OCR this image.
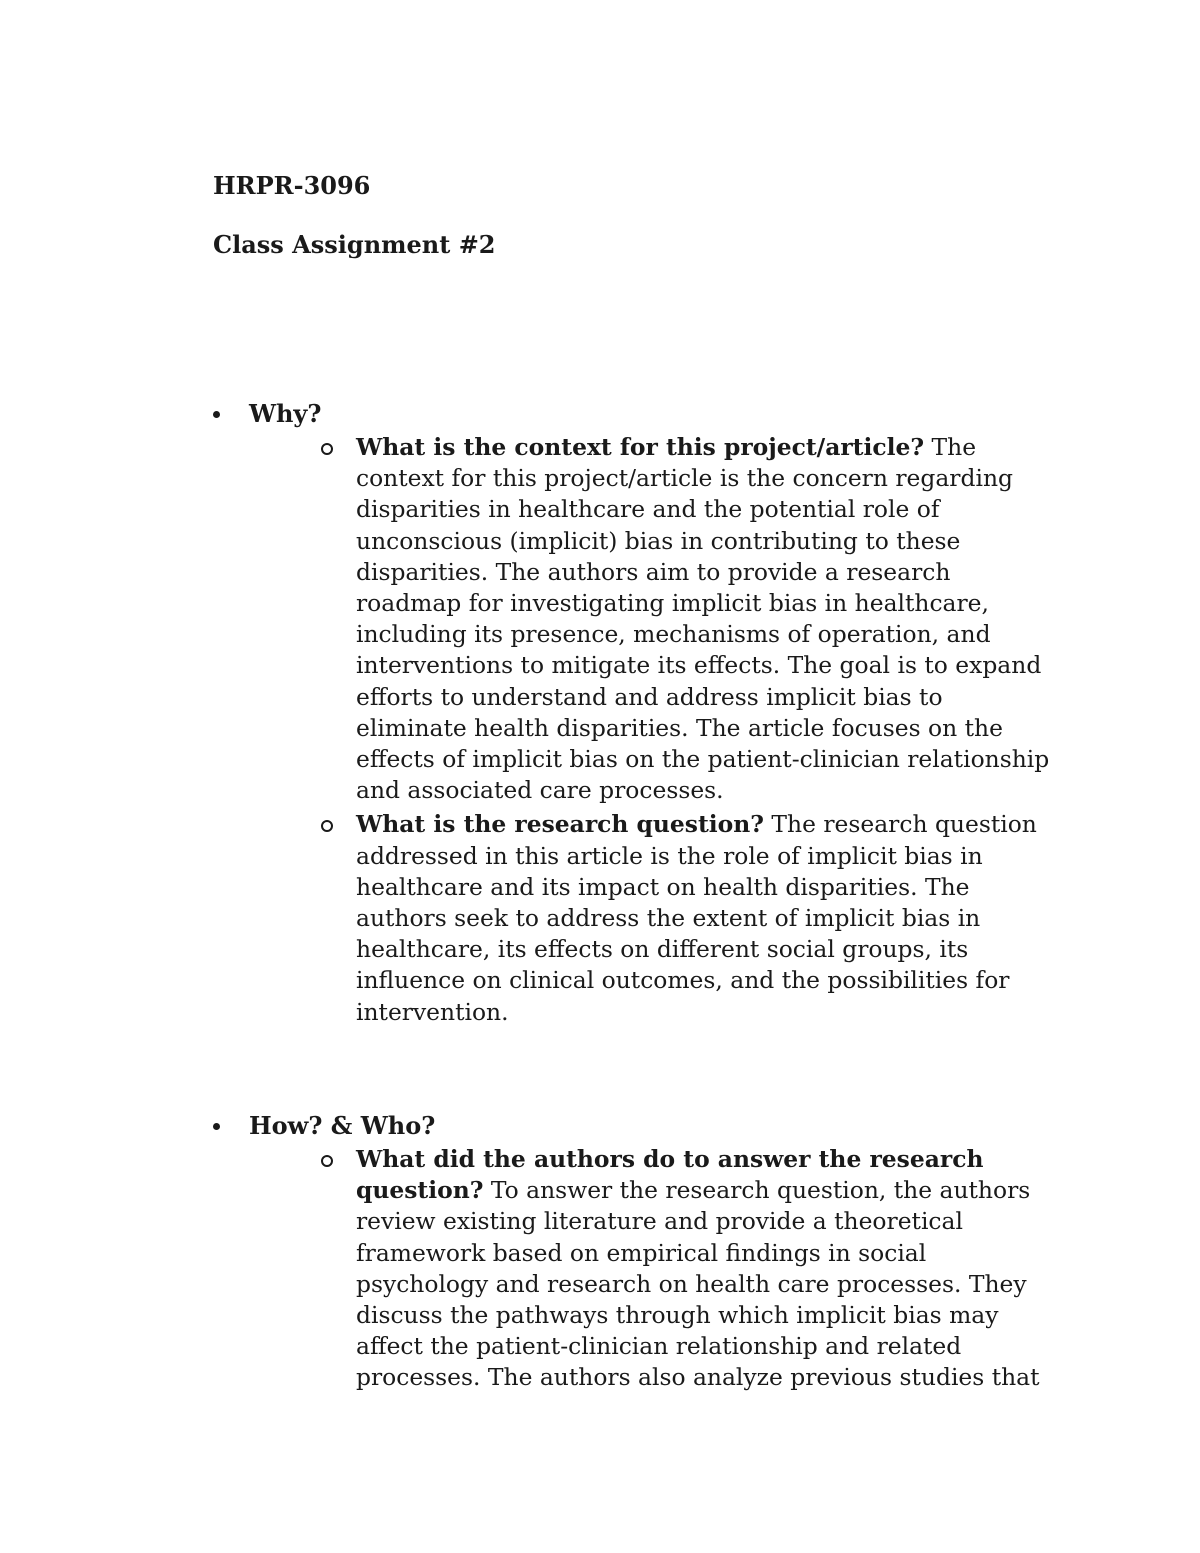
HRPR-3096

Class Assignment #2

Why?
What is the context for this project/article? The context for this project/article is the concern regarding disparities in healthcare and the potential role of unconscious (implicit) bias in contributing to these disparities. The authors aim to provide a research roadmap for investigating implicit bias in healthcare, including its presence, mechanisms of operation, and interventions to mitigate its effects. The goal is to expand efforts to understand and address implicit bias to eliminate health disparities. The article focuses on the effects of implicit bias on the patient-clinician relationship and associated care processes.
What is the research question? The research question addressed in this article is the role of implicit bias in healthcare and its impact on health disparities. The authors seek to address the extent of implicit bias in healthcare, its effects on different social groups, its influence on clinical outcomes, and the possibilities for intervention.
How? & Who?
What did the authors do to answer the research question? To answer the research question, the authors review existing literature and provide a theoretical framework based on empirical findings in social psychology and research on health care processes. They discuss the pathways through which implicit bias may affect the patient-clinician relationship and related processes. The authors also analyze previous studies that
